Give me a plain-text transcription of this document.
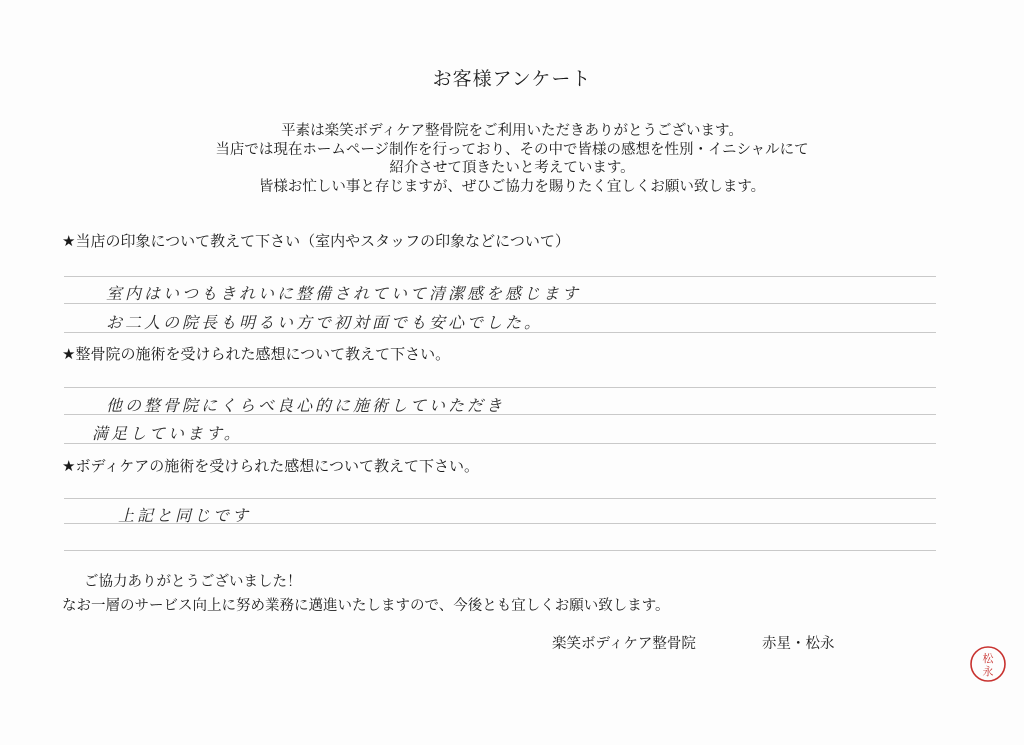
お客様アンケート
平素は楽笑ボディケア整骨院をご利用いただきありがとうございます。
当店では現在ホームページ制作を行っており、その中で皆様の感想を性別・イニシャルにて
紹介させて頂きたいと考えています。
皆様お忙しい事と存じますが、ぜひご協力を賜りたく宜しくお願い致します。
★当店の印象について教えて下さい（室内やスタッフの印象などについて）
室内はいつもきれいに整備されていて清潔感を感じます
お二人の院長も明るい方で初対面でも安心でした。
★整骨院の施術を受けられた感想について教えて下さい。
他の整骨院にくらべ良心的に施術していただき
満足しています。
★ボディケアの施術を受けられた感想について教えて下さい。
上記と同じです
ご協力ありがとうございました！
なお一層のサービス向上に努め業務に邁進いたしますので、今後とも宜しくお願い致します。
楽笑ボディケア整骨院	赤星・松永
松
永
